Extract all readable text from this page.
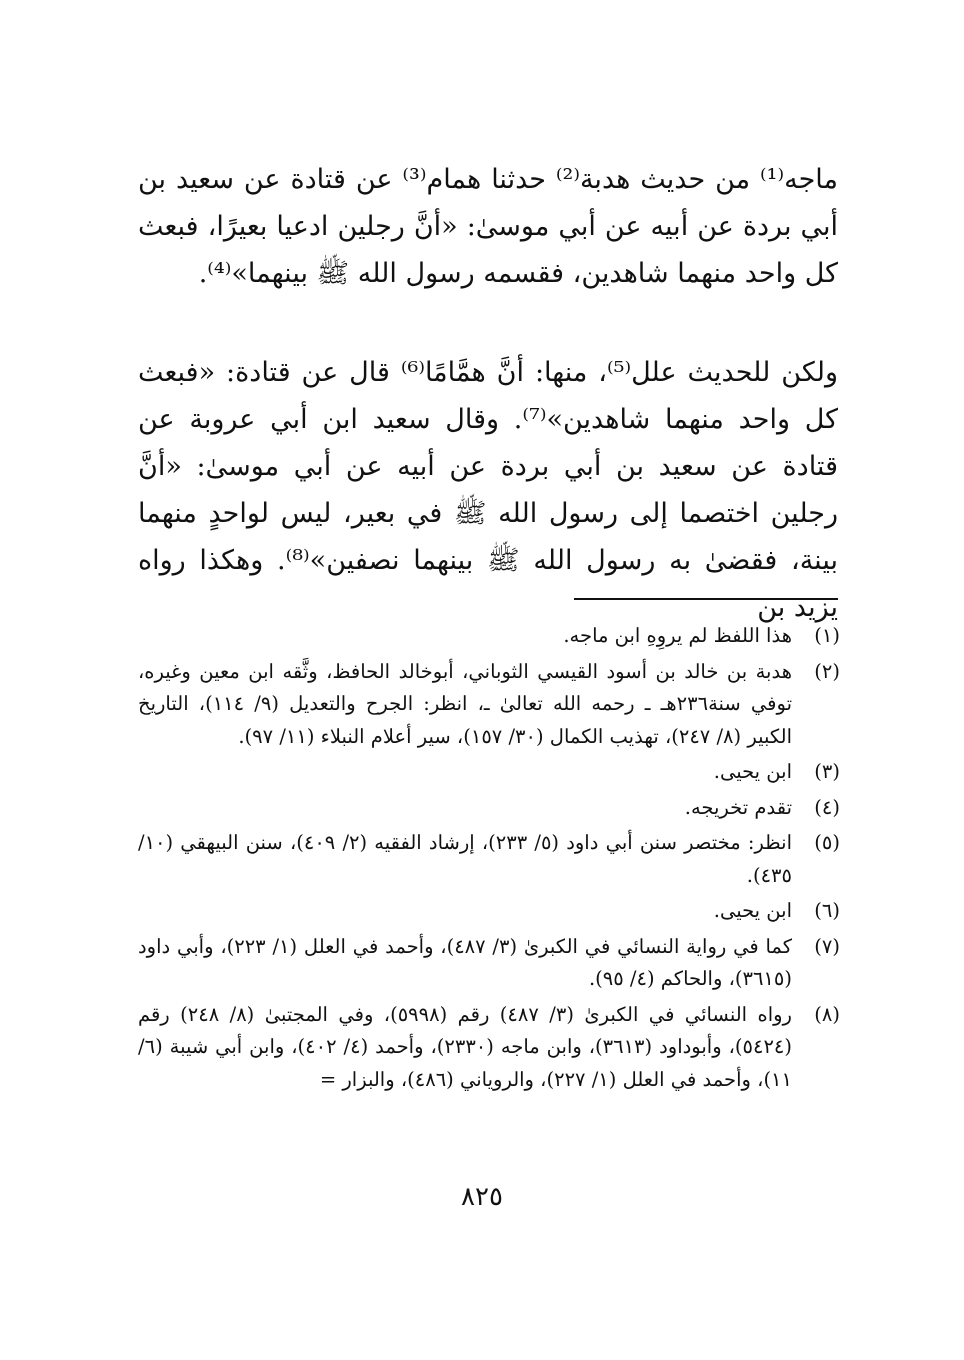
ماجه⁽¹⁾ من حديث هدبة⁽²⁾ حدثنا همام⁽³⁾ عن قتادة عن سعيد بن أبي بردة عن أبيه عن أبي موسىٰ: «أنَّ رجلين ادعيا بعيرًا، فبعث كل واحد منهما شاهدين، فقسمه رسول الله ﷺ بينهما»⁽⁴⁾.

ولكن للحديث علل⁽⁵⁾، منها: أنَّ همَّامًا⁽⁶⁾ قال عن قتادة: «فبعث كل واحد منهما شاهدين»⁽⁷⁾. وقال سعيد ابن أبي عروبة عن قتادة عن سعيد بن أبي بردة عن أبيه عن أبي موسىٰ: «أنَّ رجلين اختصما إلى رسول الله ﷺ في بعير، ليس لواحدٍ منهما بينة، فقضىٰ به رسول الله ﷺ بينهما نصفين»⁽⁸⁾. وهكذا رواه يزيد بن

(١)
هذا اللفظ لم يروِهِ ابن ماجه.
(٢)
هدبة بن خالد بن أسود القيسي الثوباني، أبوخالد الحافظ، وثَّقه ابن معين وغيره، توفي سنة٢٣٦هـ ـ رحمه الله تعالىٰ ـ، انظر: الجرح والتعديل (٩/ ١١٤)، التاريخ الكبير (٨/ ٢٤٧)، تهذيب الكمال (٣٠/ ١٥٧)، سير أعلام النبلاء (١١/ ٩٧).
(٣)
ابن يحيى.
(٤)
تقدم تخريجه.
(٥)
انظر: مختصر سنن أبي داود (٥/ ٢٣٣)، إرشاد الفقيه (٢/ ٤٠٩)، سنن البيهقي (١٠/ ٤٣٥).
(٦)
ابن يحيى.
(٧)
كما في رواية النسائي في الكبرىٰ (٣/ ٤٨٧)، وأحمد في العلل (١/ ٢٢٣)، وأبي داود (٣٦١٥)، والحاكم (٤/ ٩٥).
(٨)
رواه النسائي في الكبرىٰ (٣/ ٤٨٧) رقم (٥٩٩٨)، وفي المجتبىٰ (٨/ ٢٤٨) رقم (٥٤٢٤)، وأبوداود (٣٦١٣)، وابن ماجه (٢٣٣٠)، وأحمد (٤/ ٤٠٢)، وابن أبي شيبة (٦/ ١١)، وأحمد في العلل (١/ ٢٢٧)، والروياني (٤٨٦)، والبزار =
٨٢٥
